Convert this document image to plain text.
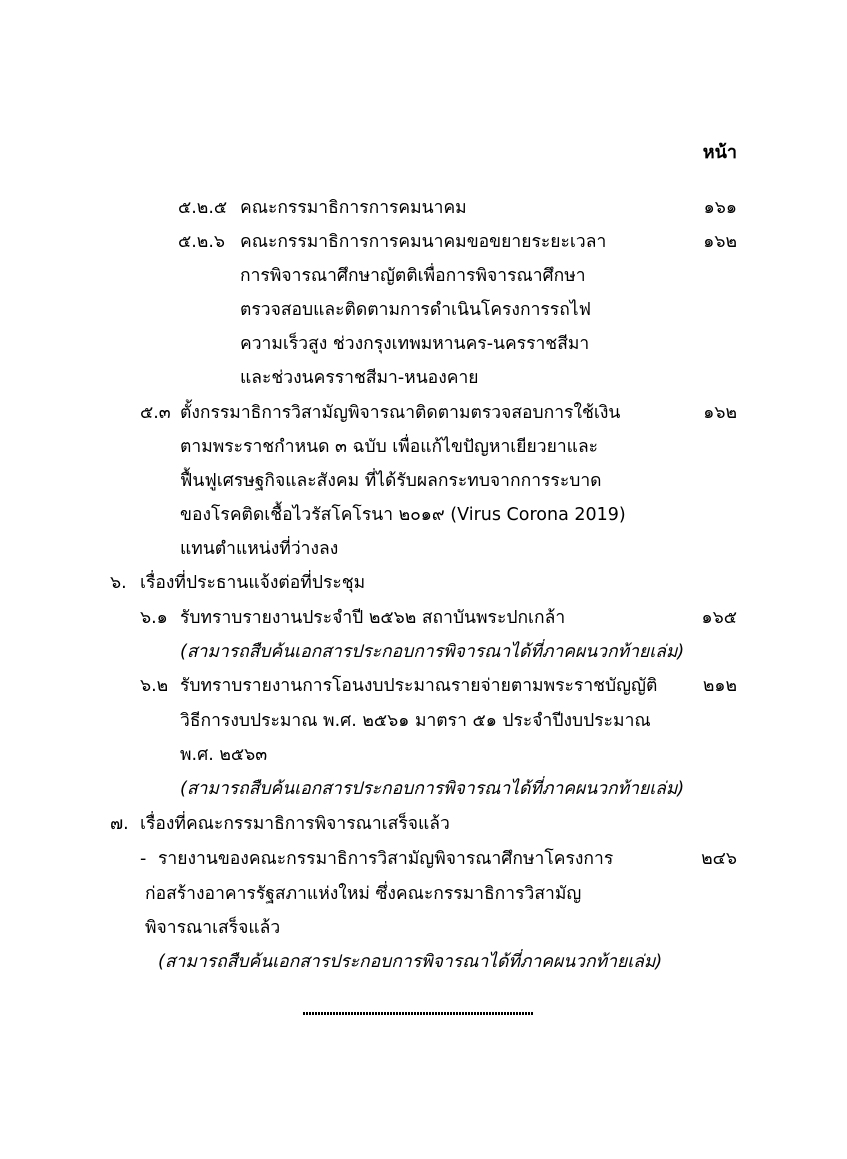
หน้า
๕.๒.๕ คณะกรรมาธิการการคมนาคม	๑๖๑
๕.๒.๖ คณะกรรมาธิการการคมนาคมขอขยายระยะเวลา	๑๖๒
การพิจารณาศึกษาญัตติเพื่อการพิจารณาศึกษา
ตรวจสอบและติดตามการดำเนินโครงการรถไฟ
ความเร็วสูง ช่วงกรุงเทพมหานคร-นครราชสีมา
และช่วงนครราชสีมา-หนองคาย
๕.๓ ตั้งกรรมาธิการวิสามัญพิจารณาติดตามตรวจสอบการใช้เงิน	๑๖๒
ตามพระราชกำหนด ๓ ฉบับ เพื่อแก้ไขปัญหาเยียวยาและ
ฟื้นฟูเศรษฐกิจและสังคม ที่ได้รับผลกระทบจากการระบาด
ของโรคติดเชื้อไวรัสโคโรนา ๒๐๑๙ (Virus Corona 2019)
แทนตำแหน่งที่ว่างลง
๖. เรื่องที่ประธานแจ้งต่อที่ประชุม
๖.๑ รับทราบรายงานประจำปี ๒๕๖๒ สถาบันพระปกเกล้า	๑๖๕
(สามารถสืบค้นเอกสารประกอบการพิจารณาได้ที่ภาคผนวกท้ายเล่ม)
๖.๒ รับทราบรายงานการโอนงบประมาณรายจ่ายตามพระราชบัญญัติ	๒๑๒
วิธีการงบประมาณ พ.ศ. ๒๕๖๑ มาตรา ๕๑ ประจำปีงบประมาณ
พ.ศ. ๒๕๖๓
(สามารถสืบค้นเอกสารประกอบการพิจารณาได้ที่ภาคผนวกท้ายเล่ม)
๗. เรื่องที่คณะกรรมาธิการพิจารณาเสร็จแล้ว
- รายงานของคณะกรรมาธิการวิสามัญพิจารณาศึกษาโครงการ	๒๔๖
ก่อสร้างอาคารรัฐสภาแห่งใหม่ ซึ่งคณะกรรมาธิการวิสามัญ
พิจารณาเสร็จแล้ว
(สามารถสืบค้นเอกสารประกอบการพิจารณาได้ที่ภาคผนวกท้ายเล่ม)
